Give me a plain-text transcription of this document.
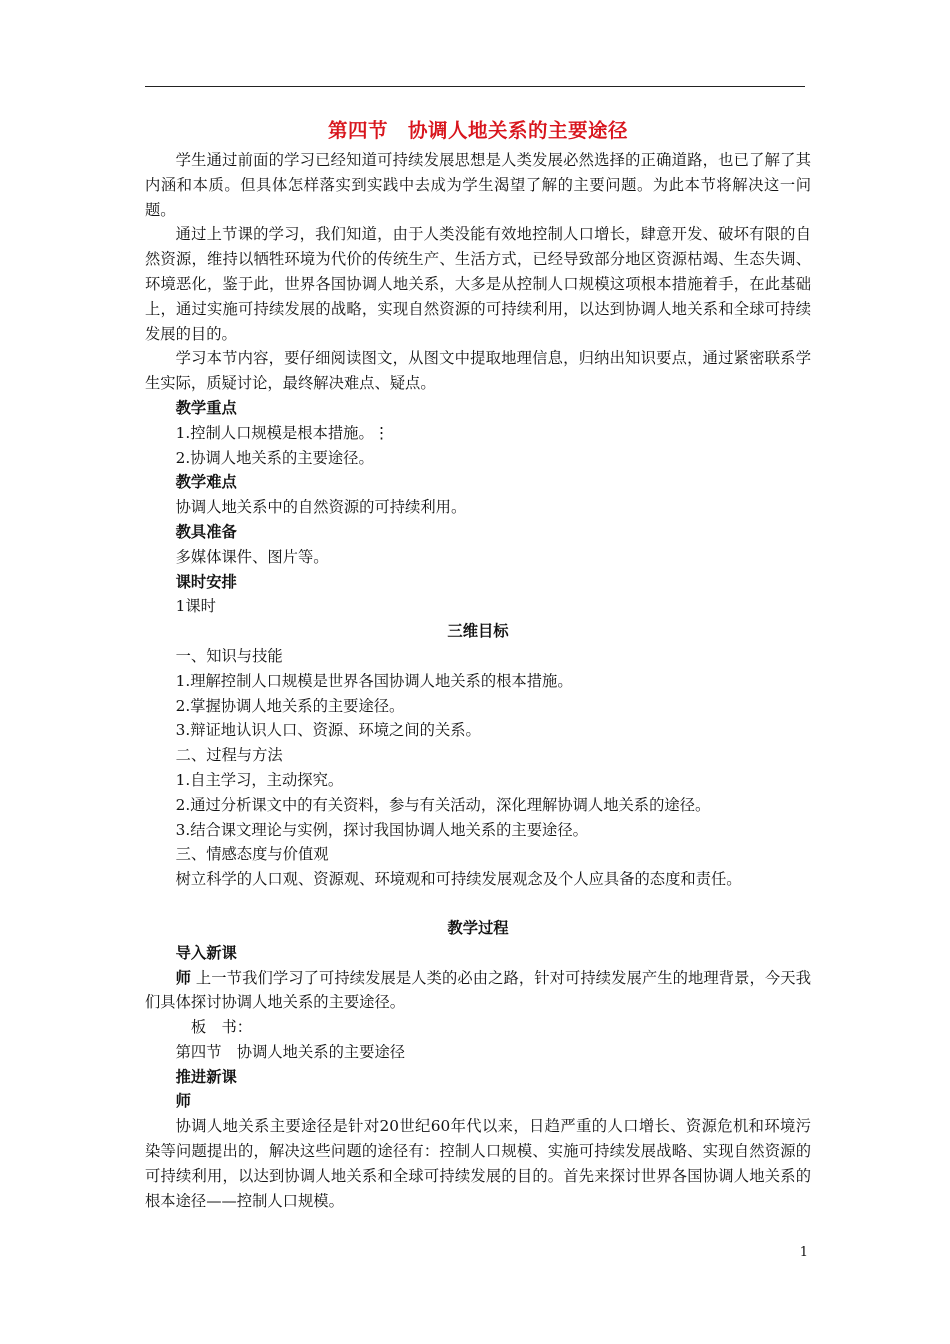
第四节　协调人地关系的主要途径

学生通过前面的学习已经知道可持续发展思想是人类发展必然选择的正确道路，也已了解了其内涵和本质。但具体怎样落实到实践中去成为学生渴望了解的主要问题。为此本节将解决这一问题。

通过上节课的学习，我们知道，由于人类没能有效地控制人口增长，肆意开发、破坏有限的自然资源，维持以牺牲环境为代价的传统生产、生活方式，已经导致部分地区资源枯竭、生态失调、环境恶化，鉴于此，世界各国协调人地关系，大多是从控制人口规模这项根本措施着手，在此基础上，通过实施可持续发展的战略，实现自然资源的可持续利用，以达到协调人地关系和全球可持续发展的目的。

学习本节内容，要仔细阅读图文，从图文中提取地理信息，归纳出知识要点，通过紧密联系学生实际，质疑讨论，最终解决难点、疑点。

教学重点

1.控制人口规模是根本措施。⋮

2.协调人地关系的主要途径。

教学难点

协调人地关系中的自然资源的可持续利用。

教具准备

多媒体课件、图片等。

课时安排

1课时

三维目标

一、知识与技能

1.理解控制人口规模是世界各国协调人地关系的根本措施。

2.掌握协调人地关系的主要途径。

3.辩证地认识人口、资源、环境之间的关系。

二、过程与方法

1.自主学习，主动探究。

2.通过分析课文中的有关资料，参与有关活动，深化理解协调人地关系的途径。

3.结合课文理论与实例，探讨我国协调人地关系的主要途径。

三、情感态度与价值观

树立科学的人口观、资源观、环境观和可持续发展观念及个人应具备的态度和责任。

教学过程

导入新课

师 上一节我们学习了可持续发展是人类的必由之路，针对可持续发展产生的地理背景，今天我们具体探讨协调人地关系的主要途径。

板　书：

第四节　协调人地关系的主要途径

推进新课

师

协调人地关系主要途径是针对20世纪60年代以来，日趋严重的人口增长、资源危机和环境污染等问题提出的，解决这些问题的途径有：控制人口规模、实施可持续发展战略、实现自然资源的可持续利用，以达到协调人地关系和全球可持续发展的目的。首先来探讨世界各国协调人地关系的根本途径——控制人口规模。

1
